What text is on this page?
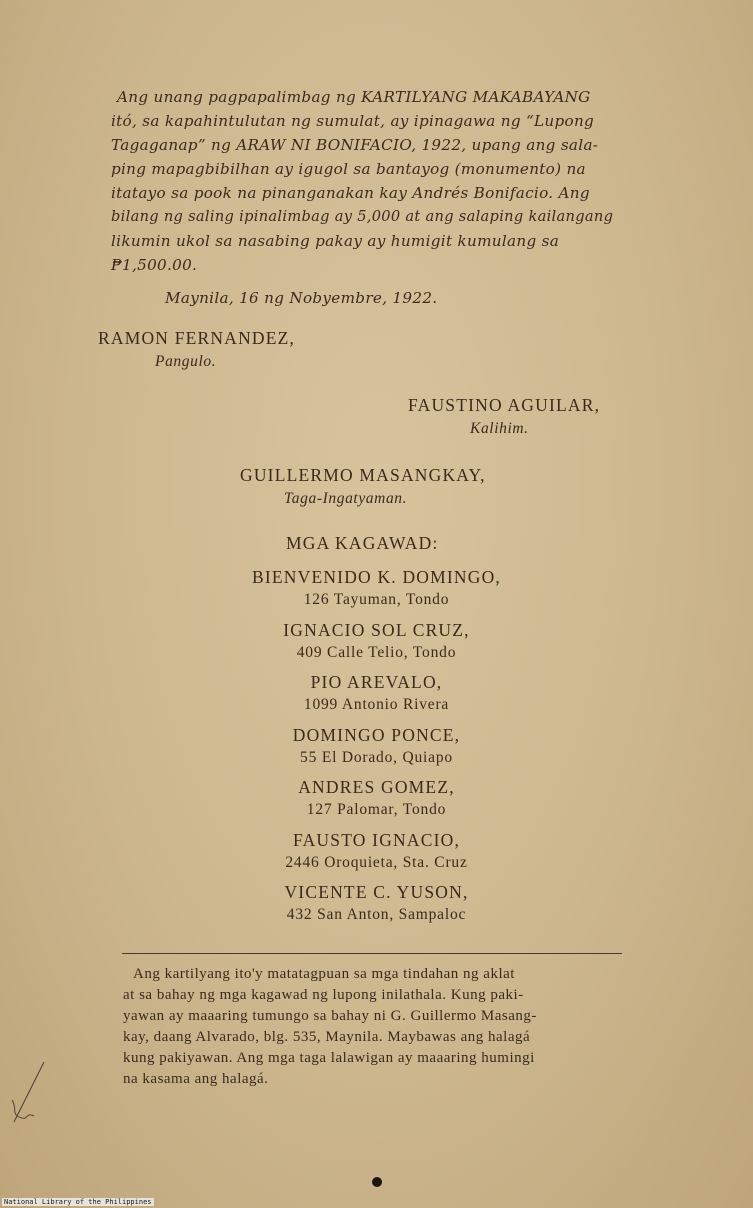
Ang unang pagpapalimbag ng KARTILYANG MAKABAYANG

itó, sa kapahintulutan ng sumulat, ay ipinagawa ng “Lupong

Tagaganap” ng ARAW NI BONIFACIO, 1922, upang ang sala-

ping mapagbibilhan ay igugol sa bantayog (monumento) na

itatayo sa pook na pinanganakan kay Andrés Bonifacio. Ang

bilang ng saling ipinalimbag ay 5,000 at ang salaping kailangang

likumin ukol sa nasabing pakay ay humigit kumulang sa

₱1,500.00.

Maynila, 16 ng Nobyembre, 1922.

RAMON FERNANDEZ,

Pangulo.

FAUSTINO AGUILAR,

Kalihim.

GUILLERMO MASANGKAY,

Taga-Ingatyaman.

MGA KAGAWAD:

BIENVENIDO K. DOMINGO,

126 Tayuman, Tondo

IGNACIO SOL CRUZ,

409 Calle Telio, Tondo

PIO AREVALO,

1099 Antonio Rivera

DOMINGO PONCE,

55 El Dorado, Quiapo

ANDRES GOMEZ,

127 Palomar, Tondo

FAUSTO IGNACIO,

2446 Oroquieta, Sta. Cruz

VICENTE C. YUSON,

432 San Anton, Sampaloc

Ang kartilyang ito'y matatagpuan sa mga tindahan ng aklat

at sa bahay ng mga kagawad ng lupong inilathala. Kung paki-

yawan ay maaaring tumungo sa bahay ni G. Guillermo Masang-

kay, daang Alvarado, blg. 535, Maynila. Maybawas ang halagá

kung pakiyawan. Ang mga taga lalawigan ay maaaring humingi

na kasama ang halagá.

National Library of the Philippines
